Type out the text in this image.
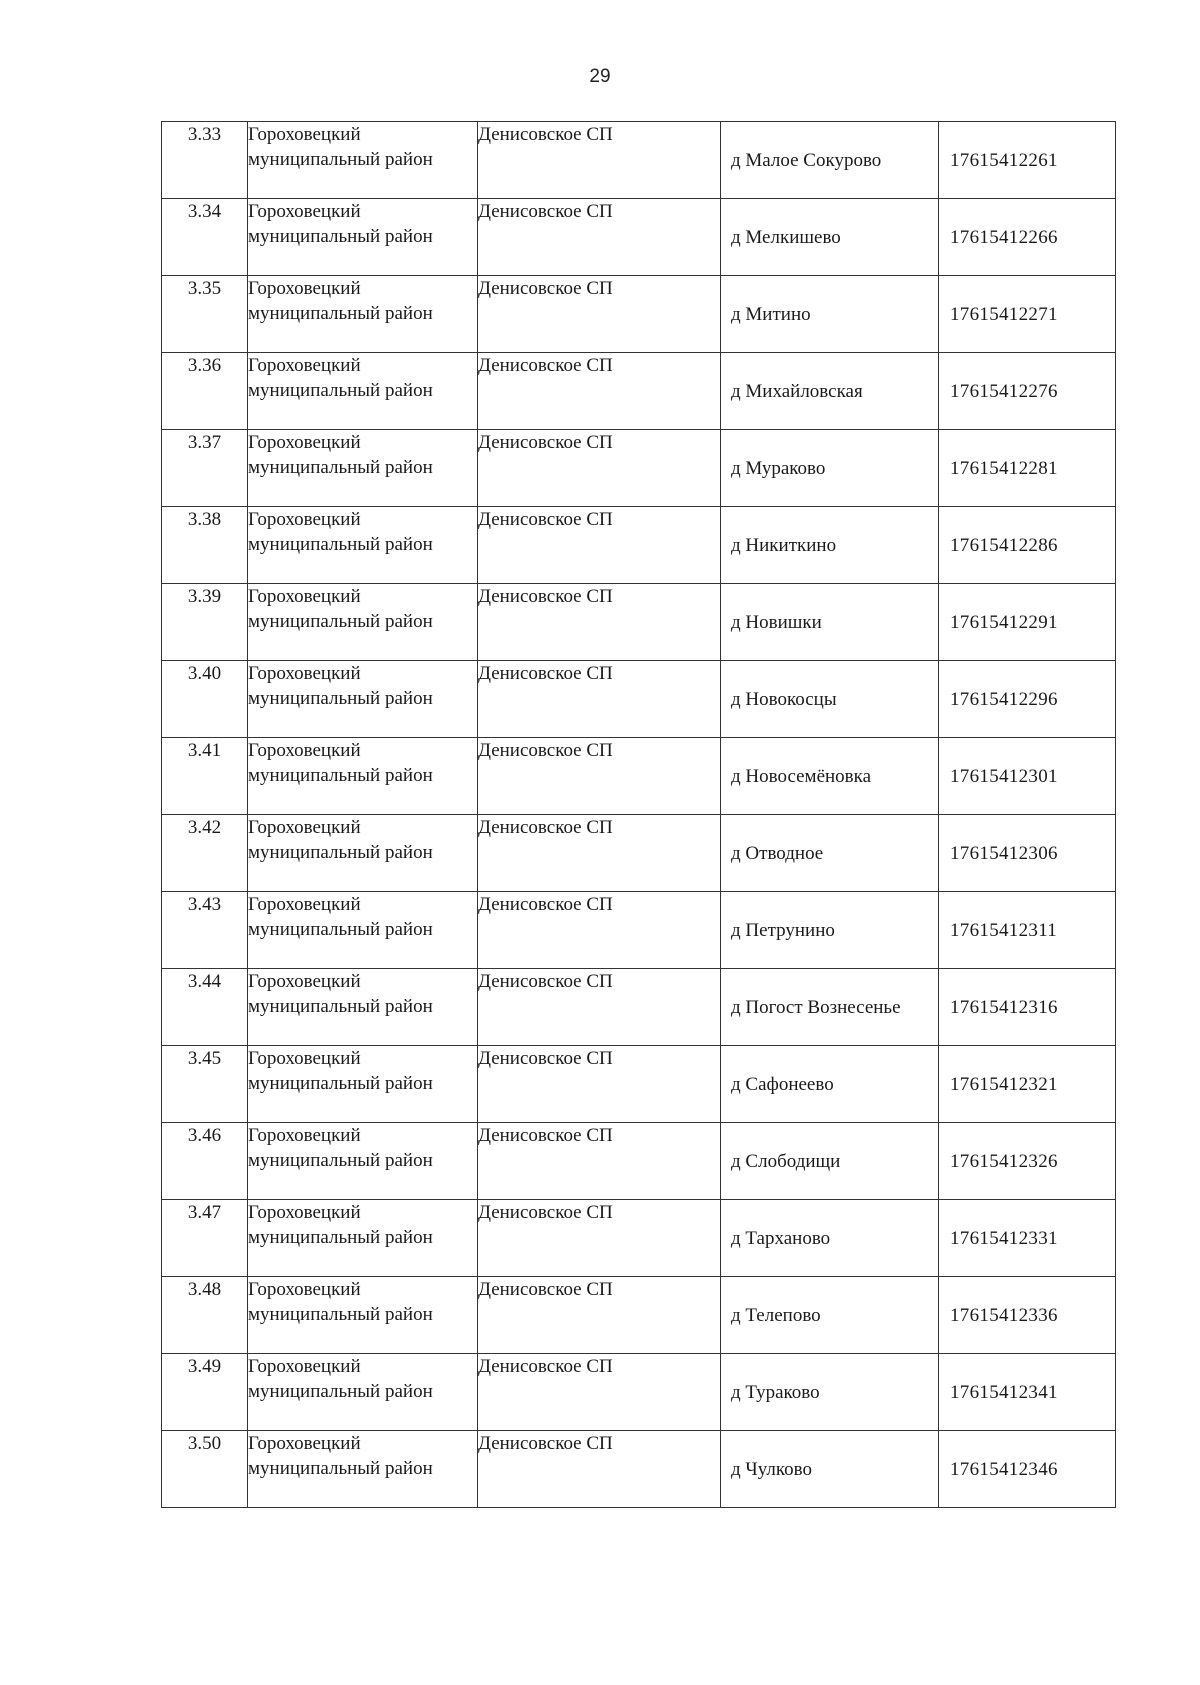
29
3.33	Гороховецкий муниципальный район	Денисовское СП	д Малое Сокурово	17615412261
3.34	Гороховецкий муниципальный район	Денисовское СП	д Мелкишево	17615412266
3.35	Гороховецкий муниципальный район	Денисовское СП	д Митино	17615412271
3.36	Гороховецкий муниципальный район	Денисовское СП	д Михайловская	17615412276
3.37	Гороховецкий муниципальный район	Денисовское СП	д Мураково	17615412281
3.38	Гороховецкий муниципальный район	Денисовское СП	д Никиткино	17615412286
3.39	Гороховецкий муниципальный район	Денисовское СП	д Новишки	17615412291
3.40	Гороховецкий муниципальный район	Денисовское СП	д Новокосцы	17615412296
3.41	Гороховецкий муниципальный район	Денисовское СП	д Новосемёновка	17615412301
3.42	Гороховецкий муниципальный район	Денисовское СП	д Отводное	17615412306
3.43	Гороховецкий муниципальный район	Денисовское СП	д Петрунино	17615412311
3.44	Гороховецкий муниципальный район	Денисовское СП	д Погост Вознесенье	17615412316
3.45	Гороховецкий муниципальный район	Денисовское СП	д Сафонеево	17615412321
3.46	Гороховецкий муниципальный район	Денисовское СП	д Слободищи	17615412326
3.47	Гороховецкий муниципальный район	Денисовское СП	д Тарханово	17615412331
3.48	Гороховецкий муниципальный район	Денисовское СП	д Телепово	17615412336
3.49	Гороховецкий муниципальный район	Денисовское СП	д Тураково	17615412341
3.50	Гороховецкий муниципальный район	Денисовское СП	д Чулково	17615412346
